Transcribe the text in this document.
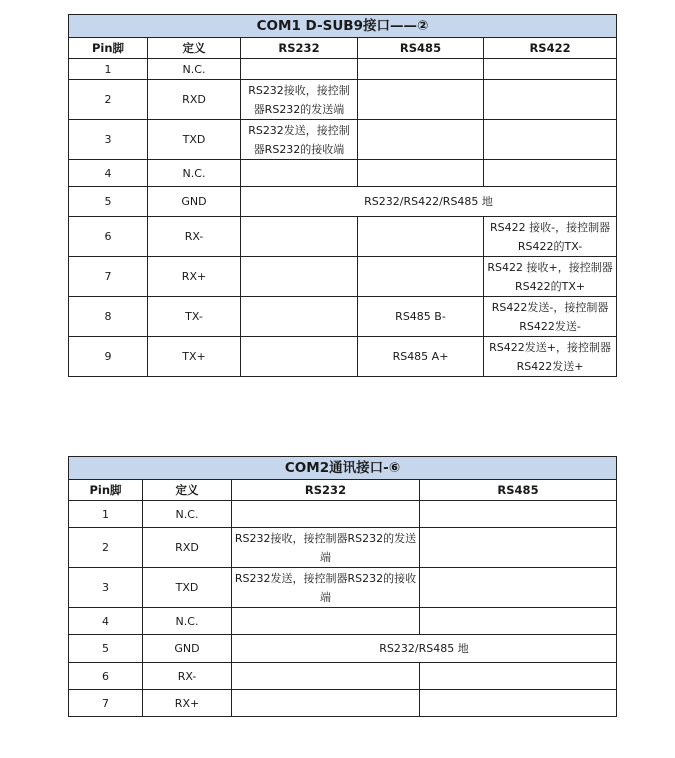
COM1 D-SUB9接口——②				
Pin脚	定义	RS232	RS485	RS422
1	N.C.			
2	RXD	RS232接收，接控制器RS232的发送端		
3	TXD	RS232发送，接控制器RS232的接收端		
4	N.C.			
5	GND	RS232/RS422/RS485 地		
6	RX-			RS422 接收-，接控制器RS422的TX-
7	RX+			RS422 接收+，接控制器RS422的TX+
8	TX-		RS485 B-	RS422发送-，接控制器RS422发送-
9	TX+		RS485 A+	RS422发送+，接控制器RS422发送+
COM2通讯接口-⑥			
Pin脚	定义	RS232	RS485
1	N.C.		
2	RXD	RS232接收，接控制器RS232的发送端	
3	TXD	RS232发送，接控制器RS232的接收端	
4	N.C.		
5	GND	RS232/RS485 地	
6	RX-		
7	RX+		
